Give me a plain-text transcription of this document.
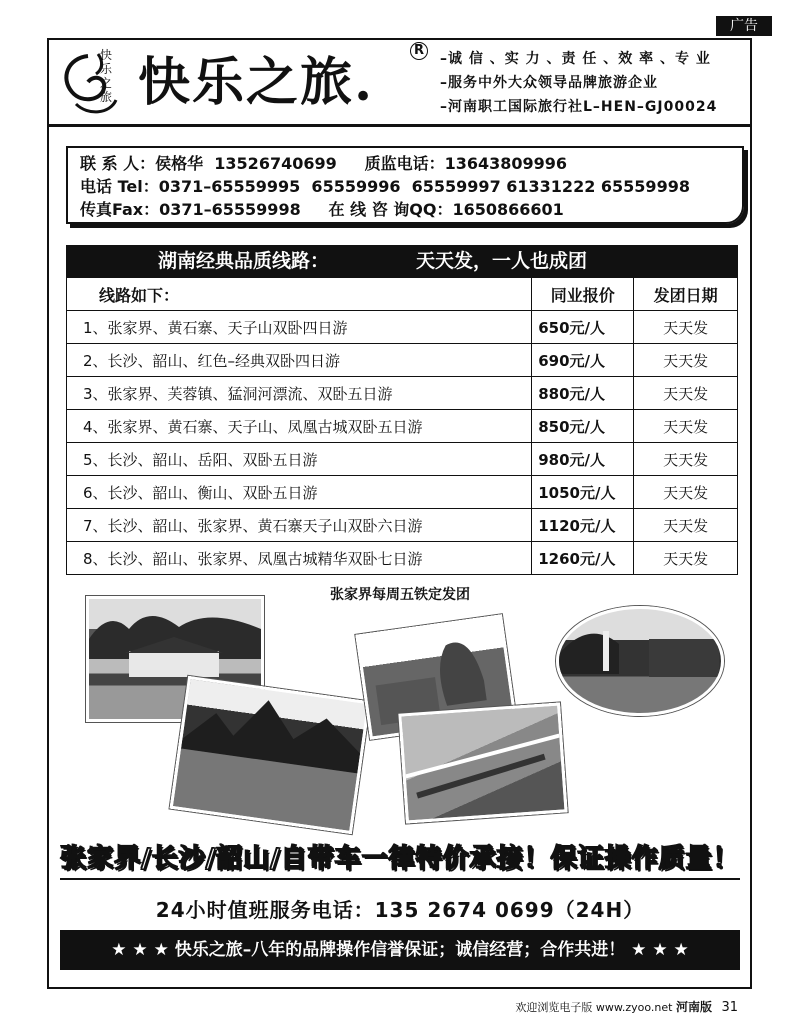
广告
快乐之旅 快乐之旅.
R
–诚 信 、实 力 、责 任 、效 率 、专 业
–服务中外大众领导品牌旅游企业
–河南职工国际旅行社L–HEN–GJ00024
联 系 人：侯格华  13526740699     质监电话：13643809996
电话 Tel：0371–65559995  65559996  65559997 61331222 65559998
传真Fax：0371–65559998     在 线 咨 询QQ：1650866601
湖南经典品质线路：	天天发，一人也成团
线路如下：	同业报价	发团日期
1、张家界、黄石寨、天子山双卧四日游	650元/人	天天发
2、长沙、韶山、红色–经典双卧四日游	690元/人	天天发
3、张家界、芙蓉镇、猛洞河漂流、双卧五日游	880元/人	天天发
4、张家界、黄石寨、天子山、凤凰古城双卧五日游	850元/人	天天发
5、长沙、韶山、岳阳、双卧五日游	980元/人	天天发
6、长沙、韶山、衡山、双卧五日游	1050元/人	天天发
7、长沙、韶山、张家界、黄石寨天子山双卧六日游	1120元/人	天天发
8、长沙、韶山、张家界、凤凰古城精华双卧七日游	1260元/人	天天发
张家界每周五铁定发团
张家界/长沙/韶山/自带车一律特价承接！保证操作质量！
24小时值班服务电话：135 2674 0699（24H）
★ ★ ★ 快乐之旅–八年的品牌操作信誉保证；诚信经营；合作共进！ ★ ★ ★
欢迎浏览电子版 www.zyoo.net 河南版 31
